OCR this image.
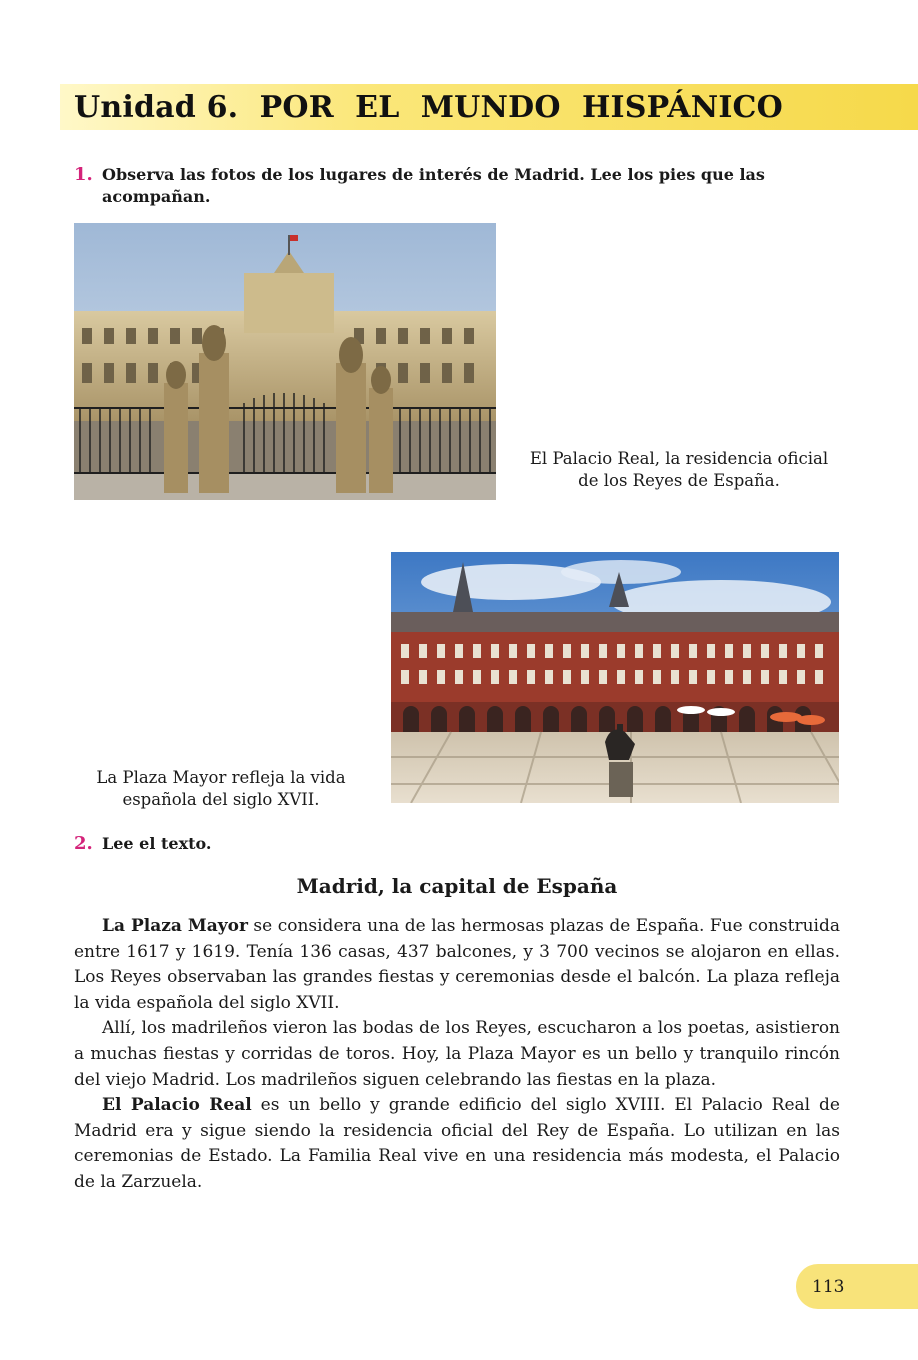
Unidad 6.  POR  EL  MUNDO  HISPÁNICO
1. Observa las fotos de los lugares de interés de Madrid. Lee los pies que las acompañan.
El Palacio Real, la residencia oficial
de los Reyes de España.
La Plaza Mayor refleja la vida
española del siglo XVII.
2. Lee el texto.
Madrid, la capital de España

La Plaza Mayor se considera una de las hermosas plazas de España. Fue construida entre 1617 y 1619. Tenía 136 casas, 437 balcones, y 3 700 vecinos se alojaron en ellas. Los Reyes observaban las grandes fiestas y ceremonias desde el balcón. La plaza refleja la vida española del siglo XVII.

Allí, los madrileños vieron las bodas de los Reyes, escucharon a los poetas, asistieron a muchas fiestas y corridas de toros. Hoy, la Plaza Mayor es un bello y tranquilo rincón del viejo Madrid. Los madrileños siguen celebrando las fiestas en la plaza.

El Palacio Real es un bello y grande edificio del siglo XVIII. El Palacio Real de Madrid era y sigue siendo la residencia oficial del Rey de España. Lo utilizan en las ceremonias de Estado. La Familia Real vive en una residencia más modesta, el Palacio de la Zarzuela.

113
